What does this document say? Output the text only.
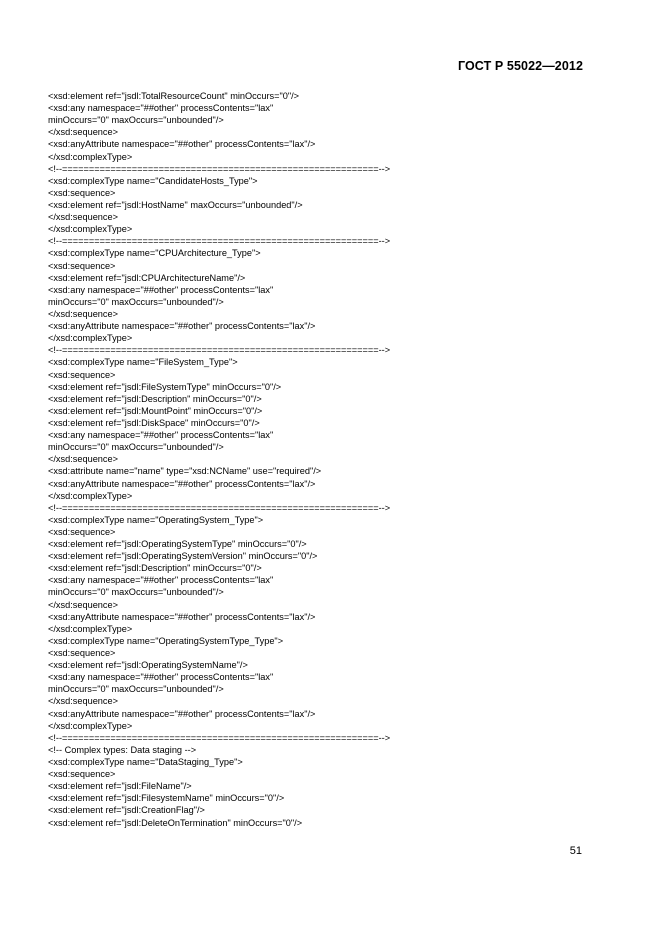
ГОСТ Р 55022—2012
<xsd:element ref="jsdl:TotalResourceCount" minOccurs="0"/>
<xsd:any namespace="##other" processContents="lax"
minOccurs="0" maxOccurs="unbounded"/>
</xsd:sequence>
<xsd:anyAttribute namespace="##other" processContents="lax"/>
</xsd:complexType>
<!--===========================================================-->
<xsd:complexType name="CandidateHosts_Type">
<xsd:sequence>
<xsd:element ref="jsdl:HostName" maxOccurs="unbounded"/>
</xsd:sequence>
</xsd:complexType>
<!--===========================================================-->
<xsd:complexType name="CPUArchitecture_Type">
<xsd:sequence>
<xsd:element ref="jsdl:CPUArchitectureName"/>
<xsd:any namespace="##other" processContents="lax"
minOccurs="0" maxOccurs="unbounded"/>
</xsd:sequence>
<xsd:anyAttribute namespace="##other" processContents="lax"/>
</xsd:complexType>
<!--===========================================================-->
<xsd:complexType name="FileSystem_Type">
<xsd:sequence>
<xsd:element ref="jsdl:FileSystemType" minOccurs="0"/>
<xsd:element ref="jsdl:Description" minOccurs="0"/>
<xsd:element ref="jsdl:MountPoint" minOccurs="0"/>
<xsd:element ref="jsdl:DiskSpace" minOccurs="0"/>
<xsd:any namespace="##other" processContents="lax"
minOccurs="0" maxOccurs="unbounded"/>
</xsd:sequence>
<xsd:attribute name="name" type="xsd:NCName" use="required"/>
<xsd:anyAttribute namespace="##other" processContents="lax"/>
</xsd:complexType>
<!--===========================================================-->
<xsd:complexType name="OperatingSystem_Type">
<xsd:sequence>
<xsd:element ref="jsdl:OperatingSystemType" minOccurs="0"/>
<xsd:element ref="jsdl:OperatingSystemVersion" minOccurs="0"/>
<xsd:element ref="jsdl:Description" minOccurs="0"/>
<xsd:any namespace="##other" processContents="lax"
minOccurs="0" maxOccurs="unbounded"/>
</xsd:sequence>
<xsd:anyAttribute namespace="##other" processContents="lax"/>
</xsd:complexType>
<xsd:complexType name="OperatingSystemType_Type">
<xsd:sequence>
<xsd:element ref="jsdl:OperatingSystemName"/>
<xsd:any namespace="##other" processContents="lax"
minOccurs="0" maxOccurs="unbounded"/>
</xsd:sequence>
<xsd:anyAttribute namespace="##other" processContents="lax"/>
</xsd:complexType>
<!--===========================================================-->
<!-- Complex types: Data staging -->
<xsd:complexType name="DataStaging_Type">
<xsd:sequence>
<xsd:element ref="jsdl:FileName"/>
<xsd:element ref="jsdl:FilesystemName" minOccurs="0"/>
<xsd:element ref="jsdl:CreationFlag"/>
<xsd:element ref="jsdl:DeleteOnTermination" minOccurs="0"/>
51
